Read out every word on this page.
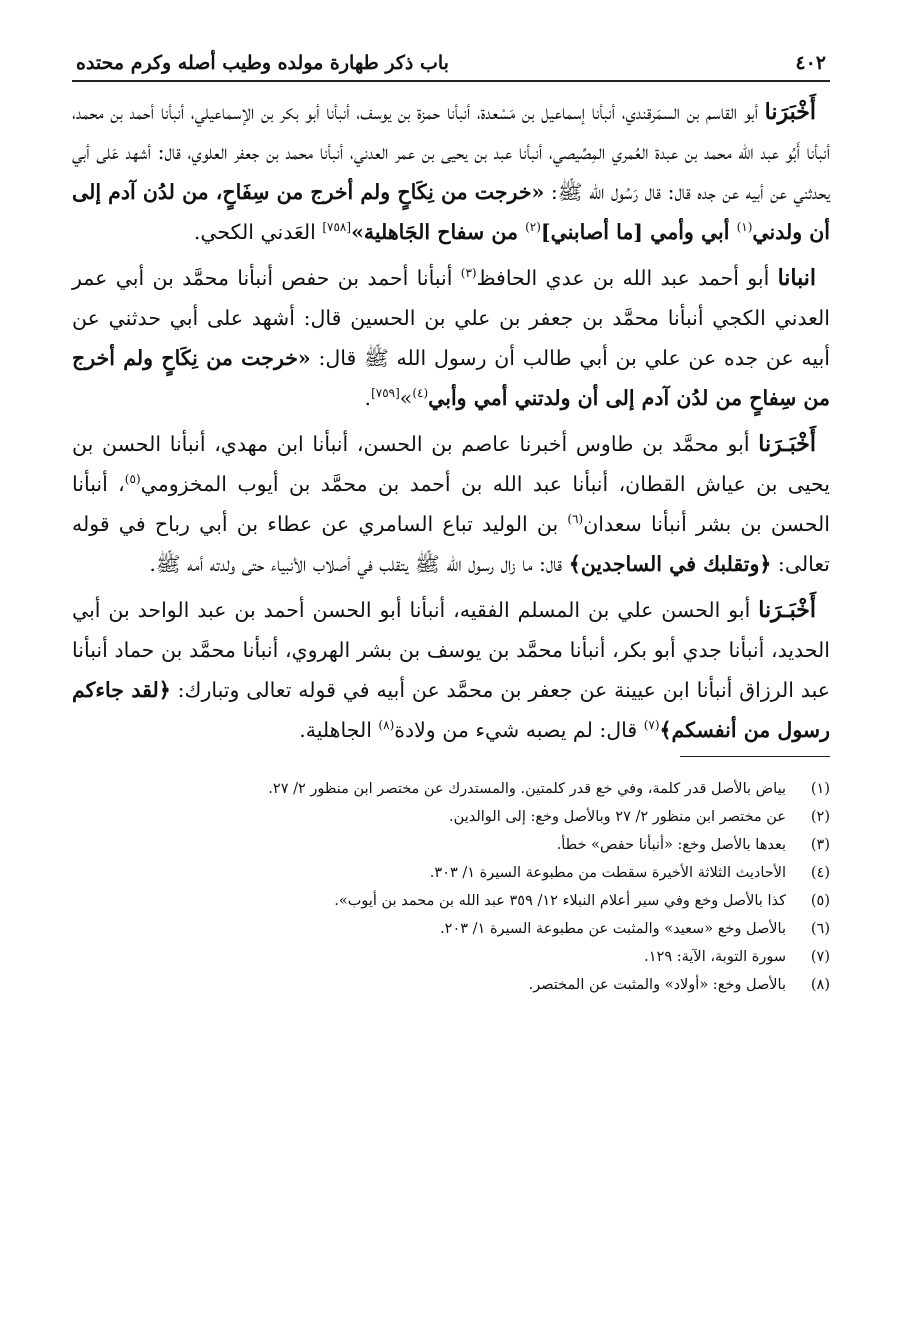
٤٠٢
باب ذكر طهارة مولده وطيب أصله وكرم محتده

أَخْبَرَنا أبو القاسم بن السمَرقندي، أنبأنا إسماعيل بن مَسْعدة، أنبأنا حمزة بن يوسف، أنبأنا أبو بكر بن الإسماعيلي، أنبأنا أحمد بن محمد، أنبأنا أَبُو عبد الله محمد بن عبدة العُمري المِصِّيصي، أنبأنا عبد بن يحيى بن عمر العدني، أنبأنا محمد بن جعفر العلوي، قال: أشهد عَلى أبي يحدثني عن أبيه عن جده قال: قال رَسُول الله ﷺ: «خرجت من نِكَاحٍ ولم أخرج من سِفَاحٍ، من لدُن آدم إلى أن ولدني$^{(١)}$ أبي وأمي [ما أصابني]$^{(٢)}$ من سفاح الجَاهلية»[٧٥٨] العَدني الكحي.

انبانا أبو أحمد عبد الله بن عدي الحافظ$^{(٣)}$ أنبأنا أحمد بن حفص أنبأنا محمَّد بن أبي عمر العدني الكجي أنبأنا محمَّد بن جعفر بن علي بن الحسين قال: أشهد على أبي حدثني عن أبيه عن جده عن علي بن أبي طالب أن رسول الله ﷺ قال: «خرجت من نِكَاحٍ ولم أخرج من سِفاحٍ من لدُن آدم إلى أن ولدتني أمي وأبي$^{(٤)}$»[٧٥٩].

أَخْبَـرَنا أبو محمَّد بن طاوس أخبرنا عاصم بن الحسن، أنبأنا ابن مهدي، أنبأنا الحسن بن يحيى بن عياش القطان، أنبأنا عبد الله بن أحمد بن محمَّد بن أيوب المخزومي$^{(٥)}$، أنبأنا الحسن بن بشر أنبأنا سعدان$^{(٦)}$ بن الوليد تباع السامري عن عطاء بن أبي رباح في قوله تعالى: ﴿وتقلبك في الساجدين﴾ قال: ما زال رسول الله ﷺ يتقلب في أصلاب الأنبياء حتى ولدته أمه ﷺ.

أَخْبَـرَنا أبو الحسن علي بن المسلم الفقيه، أنبأنا أبو الحسن أحمد بن عبد الواحد بن أبي الحديد، أنبأنا جدي أبو بكر، أنبأنا محمَّد بن يوسف بن بشر الهروي، أنبأنا محمَّد بن حماد أنبأنا عبد الرزاق أنبأنا ابن عيينة عن جعفر بن محمَّد عن أبيه في قوله تعالى وتبارك: ﴿لقد جاءكم رسول من أنفسكم﴾$^{(٧)}$ قال: لم يصبه شيء من ولادة$^{(٨)}$ الجاهلية.

(١)
بياض بالأصل قدر كلمة، وفي خع قدر كلمتين. والمستدرك عن مختصر ابن منظور ٢/ ٢٧.
(٢)
عن مختصر ابن منظور ٢/ ٢٧ وبالأصل وخع: إلى الوالدين.
(٣)
بعدها بالأصل وخع: «أنبأنا حفص» خطأ.
(٤)
الأحاديث الثلاثة الأخيرة سقطت من مطبوعة السيرة ١/ ٣٠٣.
(٥)
كذا بالأصل وخع وفي سير أعلام النبلاء ١٢/ ٣٥٩ عبد الله بن محمد بن أيوب».
(٦)
بالأصل وخع «سعيد» والمثبت عن مطبوعة السيرة ١/ ٢٠٣.
(٧)
سورة التوبة، الآية: ١٢٩.
(٨)
بالأصل وخع: «أولاد» والمثبت عن المختصر.
